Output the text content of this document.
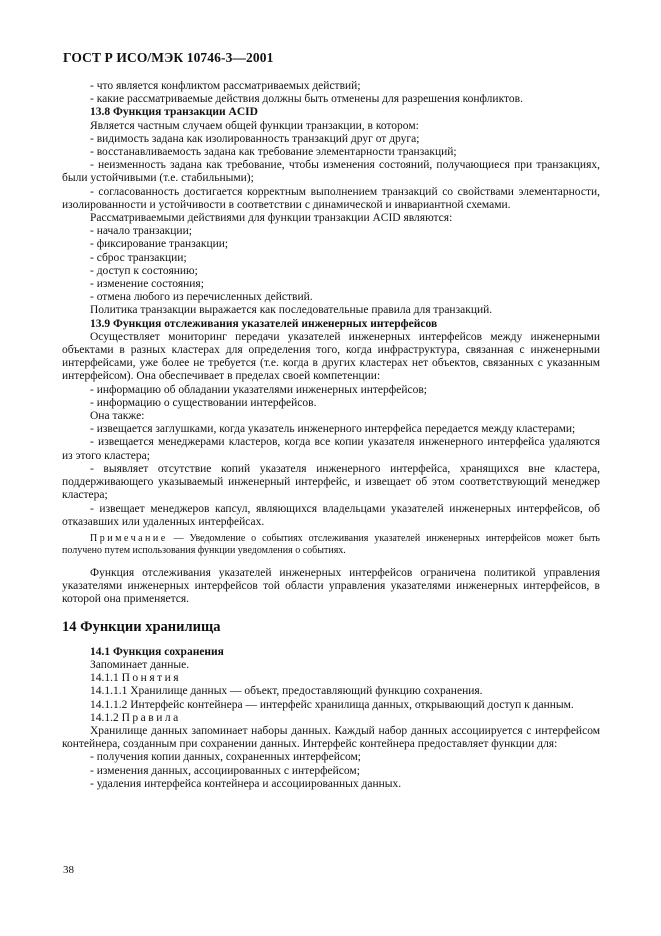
ГОСТ Р ИСО/МЭК 10746-3—2001

- что является конфликтом рассматриваемых действий;

- какие рассматриваемые действия должны быть отменены для разрешения конфликтов.

13.8 Функция транзакции ACID

Является частным случаем общей функции транзакции, в котором:

- видимость задана как изолированность транзакций друг от друга;

- восстанавливаемость задана как требование элементарности транзакций;

- неизменность задана как требование, чтобы изменения состояний, получающиеся при транзакциях, были устойчивыми (т.е. стабильными);

- согласованность достигается корректным выполнением транзакций со свойствами элементарности, изолированности и устойчивости в соответствии с динамической и инвариантной схемами.

Рассматриваемыми действиями для функции транзакции ACID являются:

- начало транзакции;

- фиксирование транзакции;

- сброс транзакции;

- доступ к состоянию;

- изменение состояния;

- отмена любого из перечисленных действий.

Политика транзакции выражается как последовательные правила для транзакций.

13.9 Функция отслеживания указателей инженерных интерфейсов

Осуществляет мониторинг передачи указателей инженерных интерфейсов между инженерными объектами в разных кластерах для определения того, когда инфраструктура, связанная с инженерными интерфейсами, уже более не требуется (т.е. когда в других кластерах нет объектов, связанных с указанным интерфейсом). Она обеспечивает в пределах своей компетенции:

- информацию об обладании указателями инженерных интерфейсов;

- информацию о существовании интерфейсов.

Она также:

- извещается заглушками, когда указатель инженерного интерфейса передается между кластерами;

- извещается менеджерами кластеров, когда все копии указателя инженерного интерфейса удаляются из этого кластера;

- выявляет отсутствие копий указателя инженерного интерфейса, хранящихся вне кластера, поддерживающего указываемый инженерный интерфейс, и извещает об этом соответствующий менеджер кластера;

- извещает менеджеров капсул, являющихся владельцами указателей инженерных интерфейсов, об отказавших или удаленных интерфейсах.

Примечание — Уведомление о событиях отслеживания указателей инженерных интерфейсов может быть получено путем использования функции уведомления о событиях.

Функция отслеживания указателей инженерных интерфейсов ограничена политикой управления указателями инженерных интерфейсов той области управления указателями инженерных интерфейсов, в которой она применяется.

14 Функции хранилища

14.1 Функция сохранения

Запоминает данные.

14.1.1 Понятия

14.1.1.1 Хранилище данных — объект, предоставляющий функцию сохранения.

14.1.1.2 Интерфейс контейнера — интерфейс хранилища данных, открывающий доступ к данным.

14.1.2 Правила

Хранилище данных запоминает наборы данных. Каждый набор данных ассоциируется с интерфейсом контейнера, созданным при сохранении данных. Интерфейс контейнера предоставляет функции для:

- получения копии данных, сохраненных интерфейсом;

- изменения данных, ассоциированных с интерфейсом;

- удаления интерфейса контейнера и ассоциированных данных.

38
